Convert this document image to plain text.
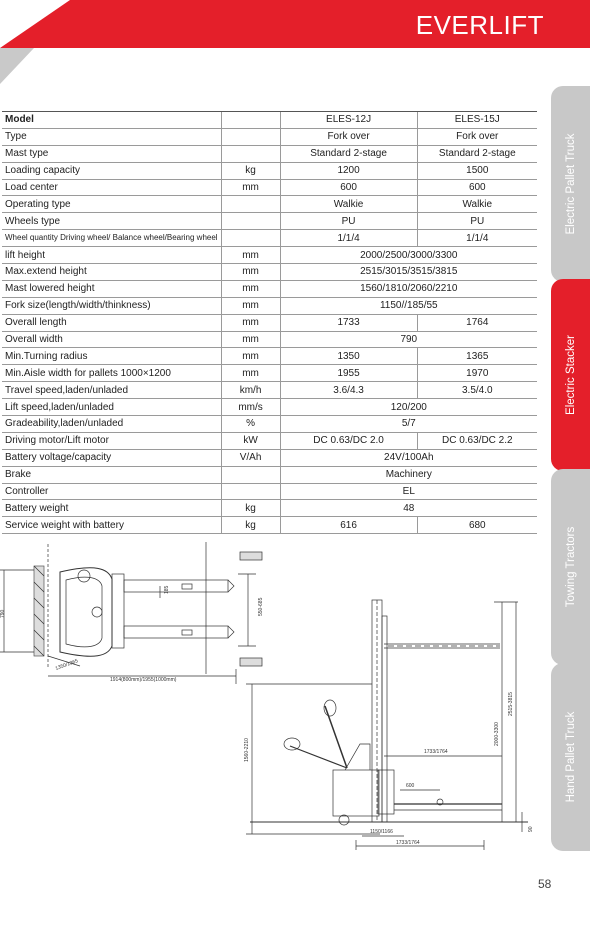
EVERLIFT
Model		ELES-12J	ELES-15J
Type		Fork over	Fork over
Mast type		Standard 2-stage	Standard 2-stage
Loading capacity	kg	1200	1500
Load center	mm	600	600
Operating type		Walkie	Walkie
Wheels type		PU	PU
Wheel quantity Driving wheel/ Balance wheel/Bearing wheel		1/1/4	1/1/4
lift height	mm	2000/2500/3000/3300	
Max.extend height	mm	2515/3015/3515/3815	
Mast lowered height	mm	1560/1810/2060/2210	
Fork size(length/width/thinkness)	mm	1150//185/55	
Overall length	mm	1733	1764
Overall width	mm	790	
Min.Turning radius	mm	1350	1365
Min.Aisle width for pallets 1000×1200	mm	1955	1970
Travel speed,laden/unladed	km/h	3.6/4.3	3.5/4.0
Lift speed,laden/unladed	mm/s	120/200	
Gradeability,laden/unladed	%	5/7	
Driving motor/Lift motor	kW	DC 0.63/DC 2.0	DC 0.63/DC 2.2
Battery voltage/capacity	V/Ah	24V/100Ah	
Brake		Machinery	
Controller		EL	
Battery weight	kg	48	
Service weight with battery	kg	616	680
Electric Pallet Truck
Electric Stacker
Towing Tractors
Hand Pallet Truck
790
1914(800mm)/1955(1000mm)
1350/1365
185
550-685
1560-2210
2000-3300
2515-3815
1733/1764
600
1150/1166
1733/1764
90
58
